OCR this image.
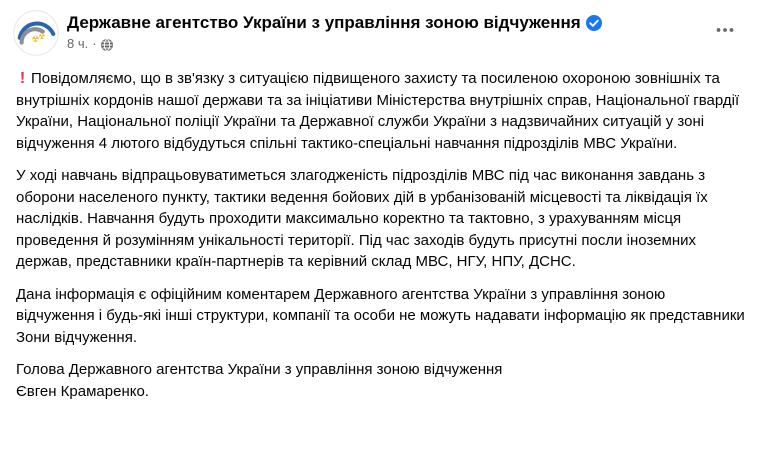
☢
☢
Державне агентство України з управління зоною відчуження
8 ч. ·

! Повідомляємо, що в зв'язку з ситуацією підвищеного захисту та посиленою охороною зовнішніх та внутрішніх кордонів нашої держави та за ініціативи Міністерства внутрішніх справ, Національної гвардії України, Національної поліції України та Державної служби України з надзвичайних ситуацій у зоні відчуження 4 лютого відбудуться спільні тактико-спеціальні навчання підрозділів МВС України.

У ході навчань відпрацьовуватиметься злагодженість підрозділів МВС під час виконання завдань з оборони населеного пункту, тактики ведення бойових дій в урбанізованій місцевості та ліквідація їх наслідків. Навчання будуть проходити максимально коректно та тактовно, з урахуванням місця проведення й розумінням унікальності території. Під час заходів будуть присутні посли іноземних держав, представники країн-партнерів та керівний склад МВС, НГУ, НПУ, ДСНС.

Дана інформація є офіційним коментарем Державного агентства України з управління зоною відчуження і будь-які інші структури, компанії та особи не можуть надавати інформацію як представники Зони відчуження.

Голова Державного агентства України з управління зоною відчуження
Євген Крамаренко.
